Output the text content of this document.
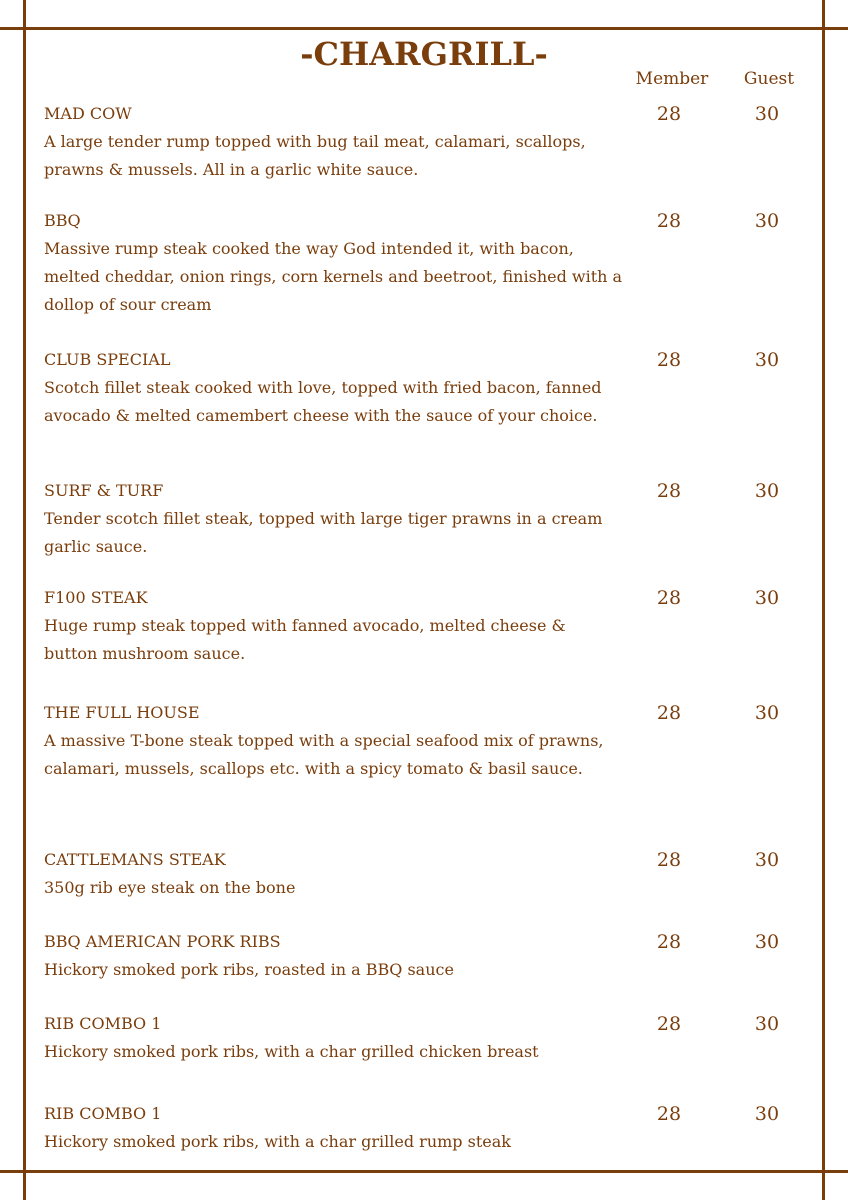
-CHARGRILL-
Member	Guest
MAD COW
A large tender rump topped with bug tail meat, calamari, scallops, prawns & mussels. All in a garlic white sauce.
28	30
BBQ
Massive rump steak cooked the way God intended it, with bacon, melted cheddar, onion rings, corn kernels and beetroot, finished with a dollop of sour cream
28	30
CLUB SPECIAL
Scotch fillet steak cooked with love, topped with fried bacon, fanned avocado & melted camembert cheese with the sauce of your choice.
28	30
SURF & TURF
Tender scotch fillet steak, topped with large tiger prawns in a cream garlic sauce.
28	30
F100 STEAK
Huge rump steak topped with fanned avocado, melted cheese & button mushroom sauce.
28	30
THE FULL HOUSE
A massive T-bone steak topped with a special seafood mix of prawns, calamari, mussels, scallops etc. with a spicy tomato & basil sauce.
28	30
CATTLEMANS STEAK
350g rib eye steak on the bone
28	30
BBQ AMERICAN PORK RIBS
Hickory smoked pork ribs, roasted in a BBQ sauce
28	30
RIB COMBO 1
Hickory smoked pork ribs, with a char grilled chicken breast
28	30
RIB COMBO 1
Hickory smoked pork ribs, with a char grilled rump steak
28	30
